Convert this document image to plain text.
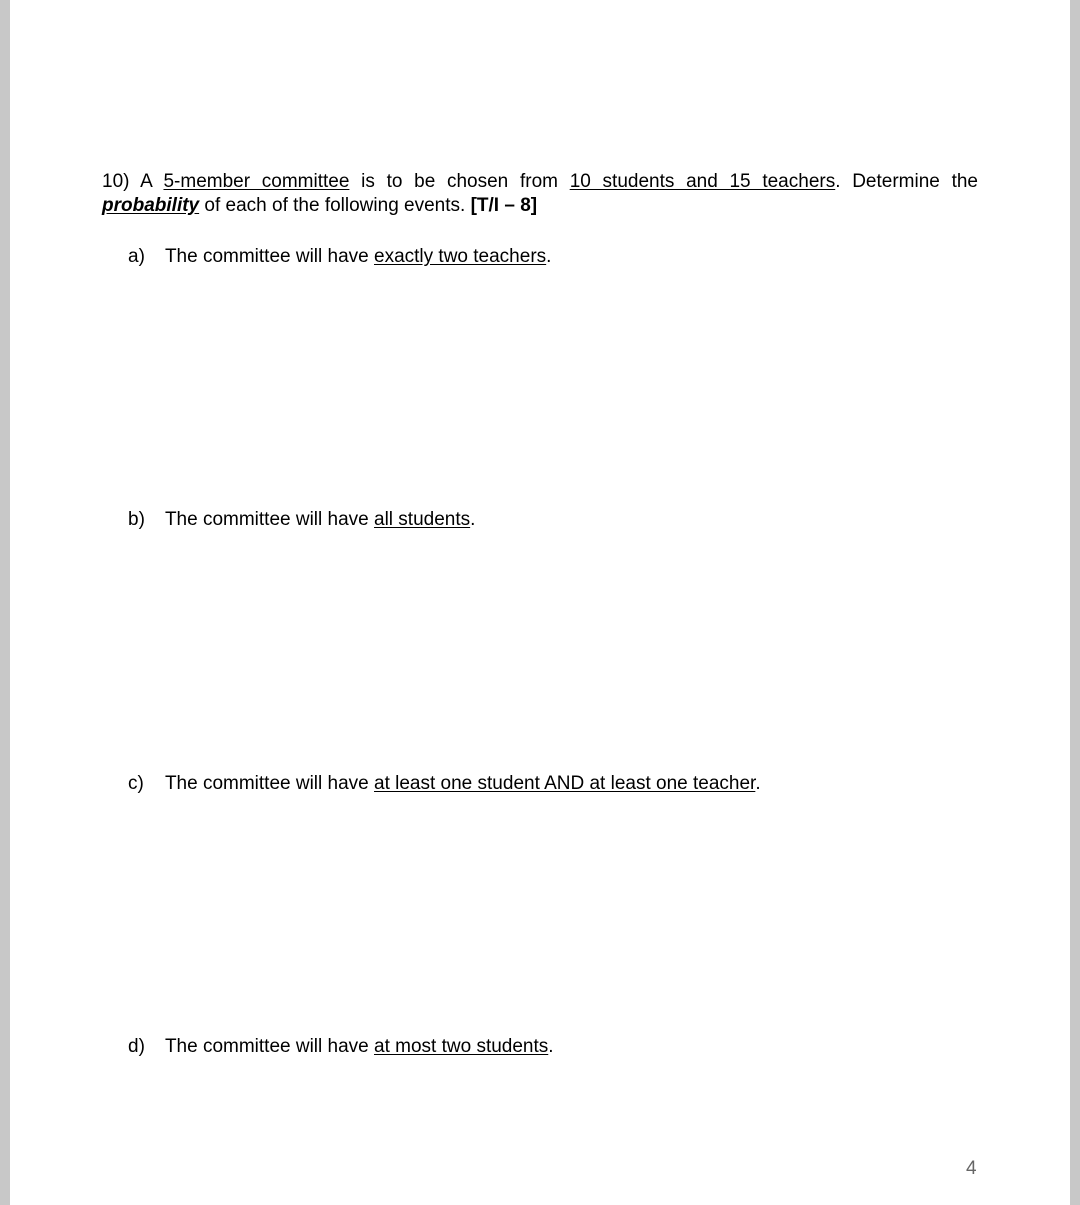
10) A 5-member committee is to be chosen from 10 students and 15 teachers. Determine the probability of each of the following events. [T/I – 8]
a) The committee will have exactly two teachers.
b) The committee will have all students.
c) The committee will have at least one student AND at least one teacher.
d) The committee will have at most two students.
4
